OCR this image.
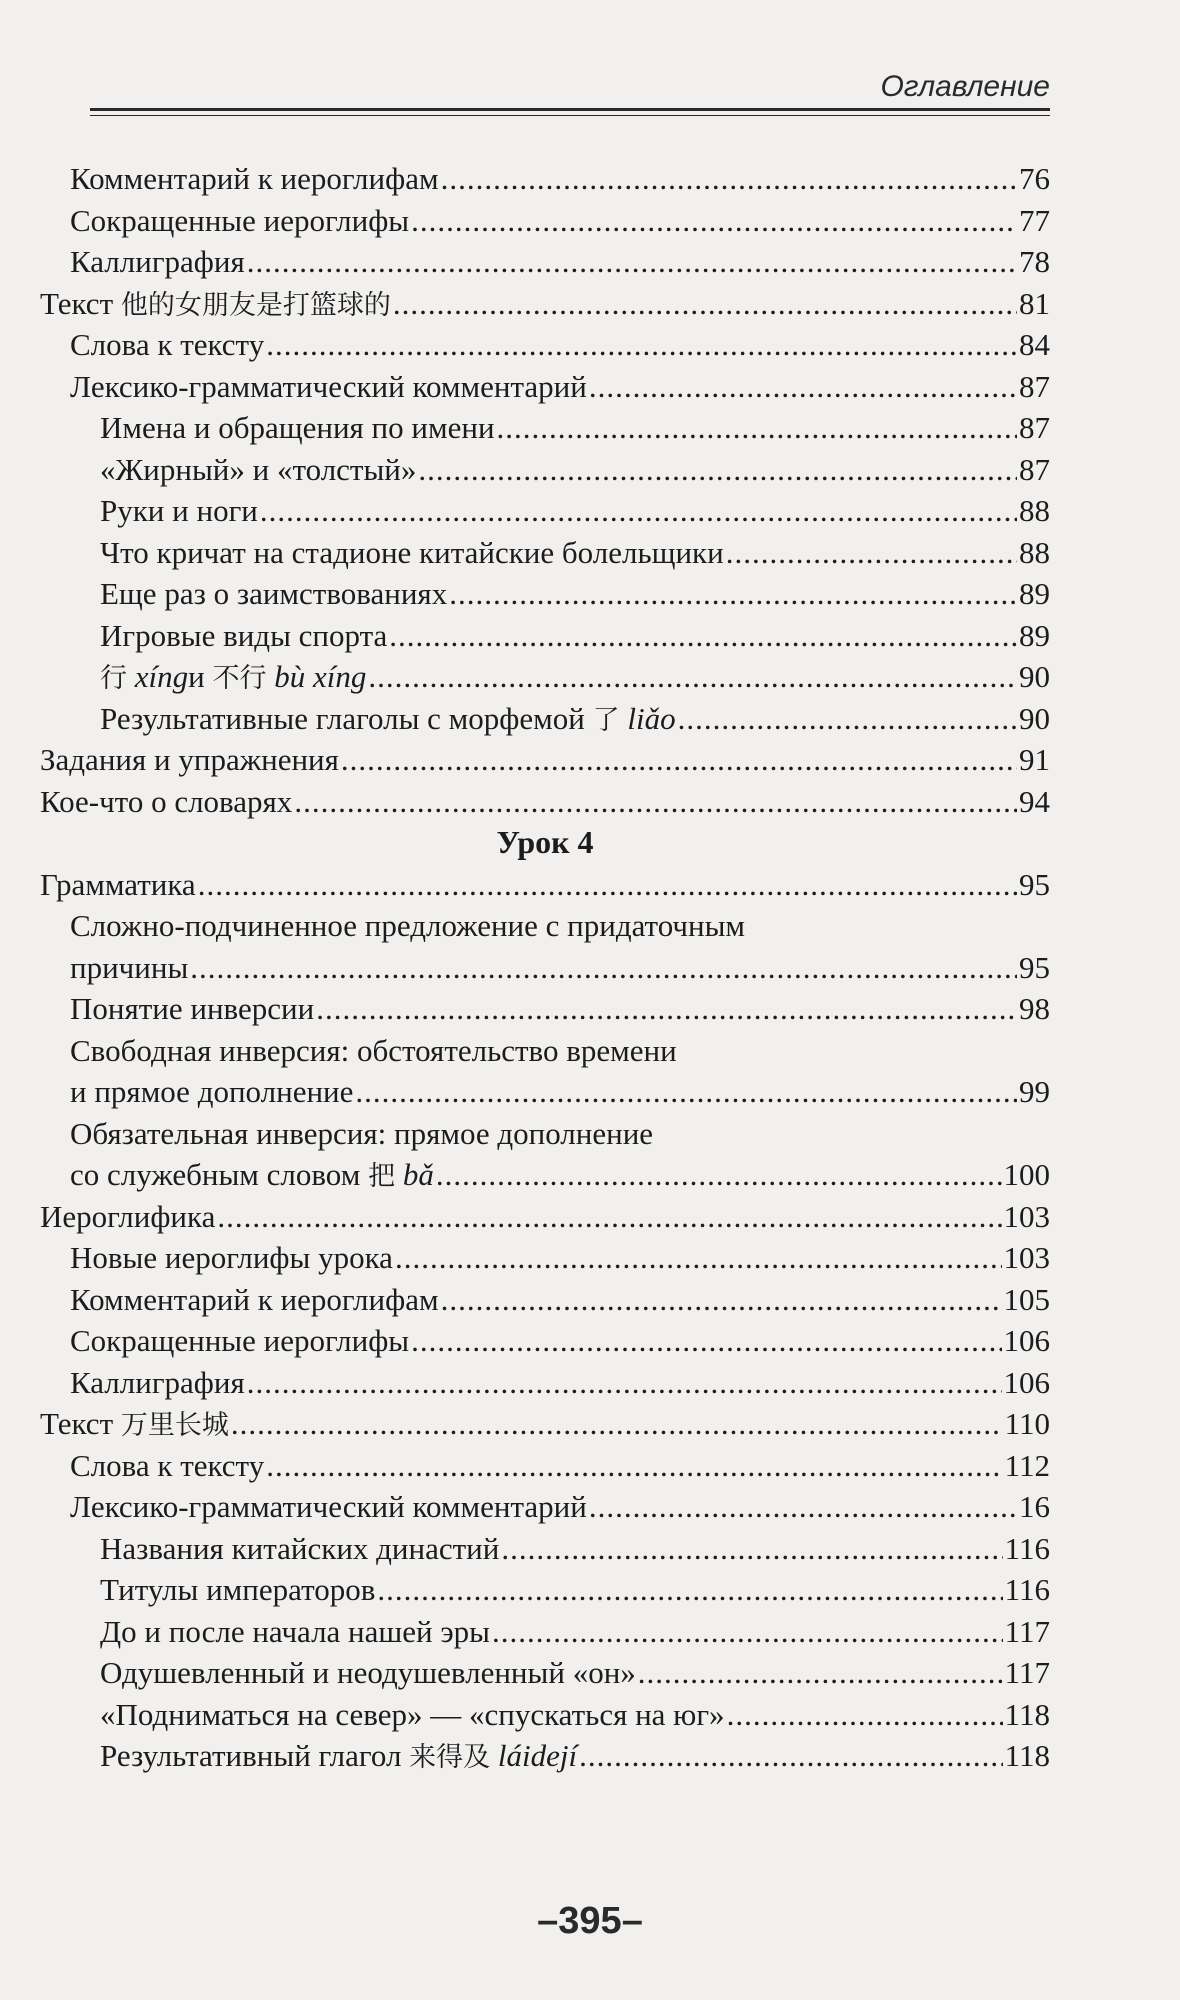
Оглавление
Комментарий к иероглифам .....	76
Сокращенные иероглифы .....	77
Каллиграфия .....	78
Текст 他的女朋友是打篮球的 .....	81
Слова к тексту .....	84
Лексико-грамматический комментарий .....	87
Имена и обращения по имени .....	87
«Жирный» и «толстый» .....	87
Руки и ноги .....	88
Что кричат на стадионе китайские болельщики .....	88
Еще раз о заимствованиях .....	89
Игровые виды спорта .....	89
行 xíngи 不行 bù xíng .....	90
Результативные глаголы с морфемой 了 liǎo .....	90
Задания и упражнения .....	91
Кое-что о словарях .....	94
Урок 4
Грамматика .....	95
Сложно-подчиненное предложение с придаточным
причины .....	95
Понятие инверсии .....	98
Свободная инверсия: обстоятельство времени
и прямое дополнение .....	99
Обязательная инверсия: прямое дополнение
со служебным словом 把 bǎ .....	100
Иероглифика .....	103
Новые иероглифы урока .....	103
Комментарий к иероглифам .....	105
Сокращенные иероглифы .....	106
Каллиграфия .....	106
Текст 万里长城 .....	110
Слова к тексту .....	112
Лексико-грамматический комментарий .....	16
Названия китайских династий .....	116
Титулы императоров .....	116
До и после начала нашей эры .....	117
Одушевленный и неодушевленный «он» .....	117
«Подниматься на север» — «спускаться на юг» .....	118
Результативный глагол 来得及 láidejí .....	118
–395–
